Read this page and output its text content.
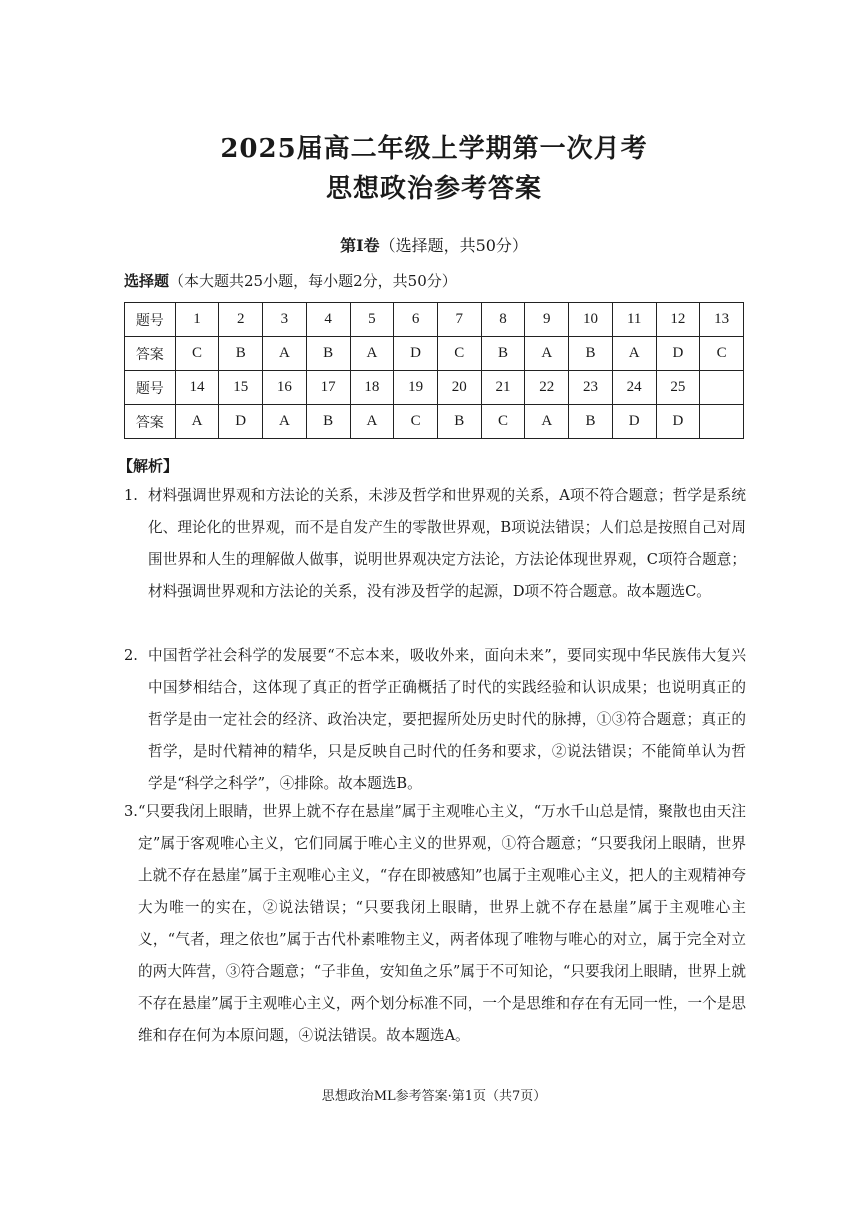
2025届高二年级上学期第一次月考
思想政治参考答案
第Ⅰ卷（选择题，共50分）
选择题（本大题共25小题，每小题2分，共50分）
题号	1	2	3	4	5	6	7	8	9	10	11	12	13
答案	C	B	A	B	A	D	C	B	A	B	A	D	C
题号	14	15	16	17	18	19	20	21	22	23	24	25	
答案	A	D	A	B	A	C	B	C	A	B	D	D	
【解析】
1. 材料强调世界观和方法论的关系，未涉及哲学和世界观的关系，A项不符合题意；哲学是系统化、理论化的世界观，而不是自发产生的零散世界观，B项说法错误；人们总是按照自己对周围世界和人生的理解做人做事，说明世界观决定方法论，方法论体现世界观，C项符合题意；材料强调世界观和方法论的关系，没有涉及哲学的起源，D项不符合题意。故本题选C。
2. 中国哲学社会科学的发展要“不忘本来，吸收外来，面向未来”，要同实现中华民族伟大复兴中国梦相结合，这体现了真正的哲学正确概括了时代的实践经验和认识成果；也说明真正的哲学是由一定社会的经济、政治决定，要把握所处历史时代的脉搏，①③符合题意；真正的哲学，是时代精神的精华，只是反映自己时代的任务和要求，②说法错误；不能简单认为哲学是“科学之科学”，④排除。故本题选B。
3. “只要我闭上眼睛，世界上就不存在悬崖”属于主观唯心主义，“万水千山总是情，聚散也由天注定”属于客观唯心主义，它们同属于唯心主义的世界观，①符合题意；“只要我闭上眼睛，世界上就不存在悬崖”属于主观唯心主义，“存在即被感知”也属于主观唯心主义，把人的主观精神夸大为唯一的实在，②说法错误；“只要我闭上眼睛，世界上就不存在悬崖”属于主观唯心主义，“气者，理之依也”属于古代朴素唯物主义，两者体现了唯物与唯心的对立，属于完全对立的两大阵营，③符合题意；“子非鱼，安知鱼之乐”属于不可知论，“只要我闭上眼睛，世界上就不存在悬崖”属于主观唯心主义，两个划分标准不同，一个是思维和存在有无同一性，一个是思维和存在何为本原问题，④说法错误。故本题选A。
思想政治ML参考答案·第1页（共7页）
